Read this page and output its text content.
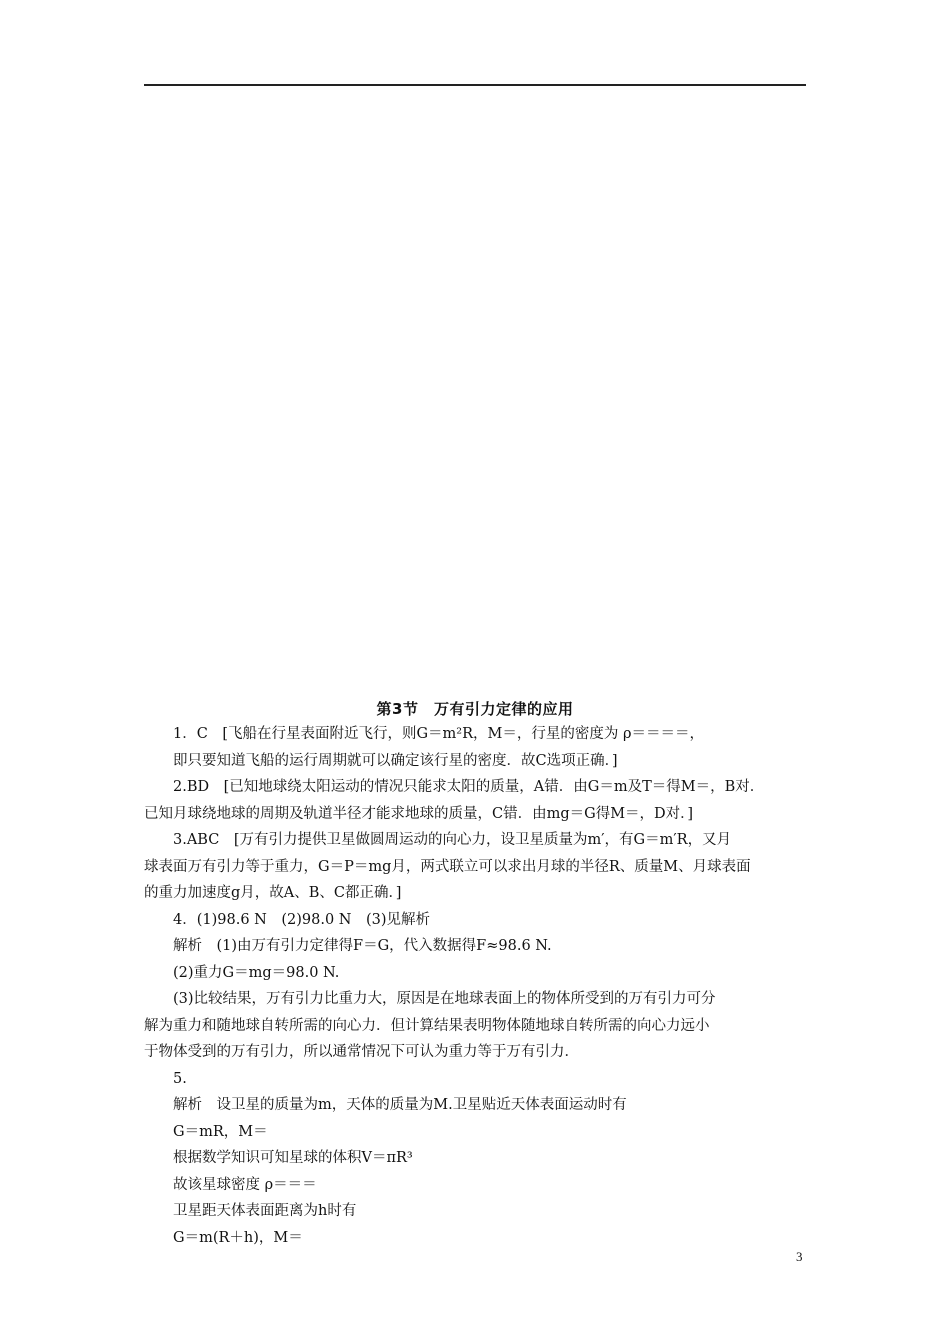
第3节　万有引力定律的应用

1．C　[飞船在行星表面附近飞行，则G＝m²R，M＝，行星的密度为 ρ＝＝＝＝，

即只要知道飞船的运行周期就可以确定该行星的密度．故C选项正确．]

2.BD　[已知地球绕太阳运动的情况只能求太阳的质量，A错．由G＝m及T＝得M＝，B对．

已知月球绕地球的周期及轨道半径才能求地球的质量，C错．由mg＝G得M＝，D对．]

3.ABC　[万有引力提供卫星做圆周运动的向心力，设卫星质量为m′，有G＝m′R，又月

球表面万有引力等于重力，G＝P＝mg月，两式联立可以求出月球的半径R、质量M、月球表面

的重力加速度g月，故A、B、C都正确．]

4．(1)98.6 N　(2)98.0 N　(3)见解析

解析　(1)由万有引力定律得F＝G，代入数据得F≈98.6 N.

(2)重力G＝mg＝98.0 N.

(3)比较结果，万有引力比重力大，原因是在地球表面上的物体所受到的万有引力可分

解为重力和随地球自转所需的向心力．但计算结果表明物体随地球自转所需的向心力远小

于物体受到的万有引力，所以通常情况下可认为重力等于万有引力．

5.

解析　设卫星的质量为m，天体的质量为M.卫星贴近天体表面运动时有

G＝mR，M＝

根据数学知识可知星球的体积V＝πR³

故该星球密度 ρ＝＝＝

卫星距天体表面距离为h时有

G＝m(R＋h)，M＝

3
